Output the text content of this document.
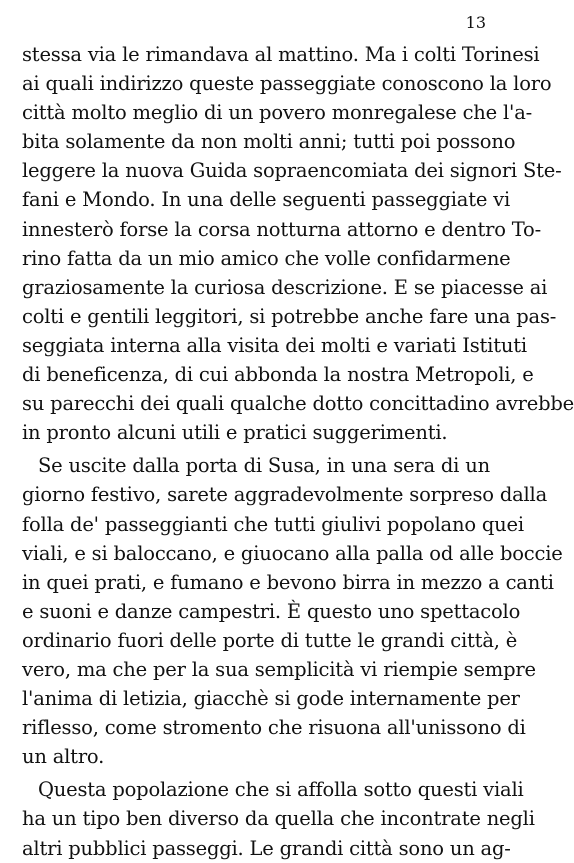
13
stessa via le rimandava al mattino. Ma i colti Torinesi
ai quali indirizzo queste passeggiate conoscono la loro
città molto meglio di un povero monregalese che l'a-
bita solamente da non molti anni; tutti poi possono
leggere la nuova Guida sopraencomiata dei signori Ste-
fani e Mondo. In una delle seguenti passeggiate vi
innesterò forse la corsa notturna attorno e dentro To-
rino fatta da un mio amico che volle confidarmene
graziosamente la curiosa descrizione. E se piacesse ai
colti e gentili leggitori, si potrebbe anche fare una pas-
seggiata interna alla visita dei molti e variati Istituti
di beneficenza, di cui abbonda la nostra Metropoli, e
su parecchi dei quali qualche dotto concittadino avrebbe
in pronto alcuni utili e pratici suggerimenti.
Se uscite dalla porta di Susa, in una sera di un
giorno festivo, sarete aggradevolmente sorpreso dalla
folla de' passeggianti che tutti giulivi popolano quei
viali, e si baloccano, e giuocano alla palla od alle boccie
in quei prati, e fumano e bevono birra in mezzo a canti
e suoni e danze campestri. È questo uno spettacolo
ordinario fuori delle porte di tutte le grandi città, è
vero, ma che per la sua semplicità vi riempie sempre
l'anima di letizia, giacchè si gode internamente per
riflesso, come stromento che risuona all'unissono di
un altro.
Questa popolazione che si affolla sotto questi viali
ha un tipo ben diverso da quella che incontrate negli
altri pubblici passeggi. Le grandi città sono un ag-
